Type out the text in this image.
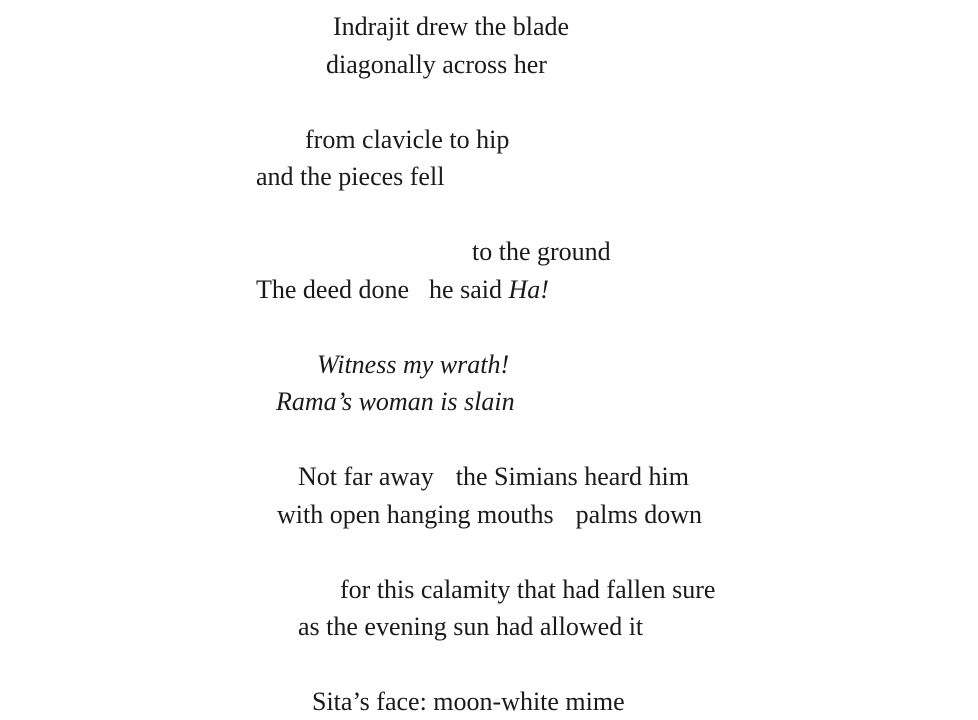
Indrajit drew the blade
diagonally across her
from clavicle to hip
and the pieces fell
to the ground
The deed done he said Ha!
Witness my wrath!
Rama’s woman is slain
Not far away the Simians heard him
with open hanging mouths palms down
for this calamity that had fallen sure
as the evening sun had allowed it
Sita’s face: moon-white mime
